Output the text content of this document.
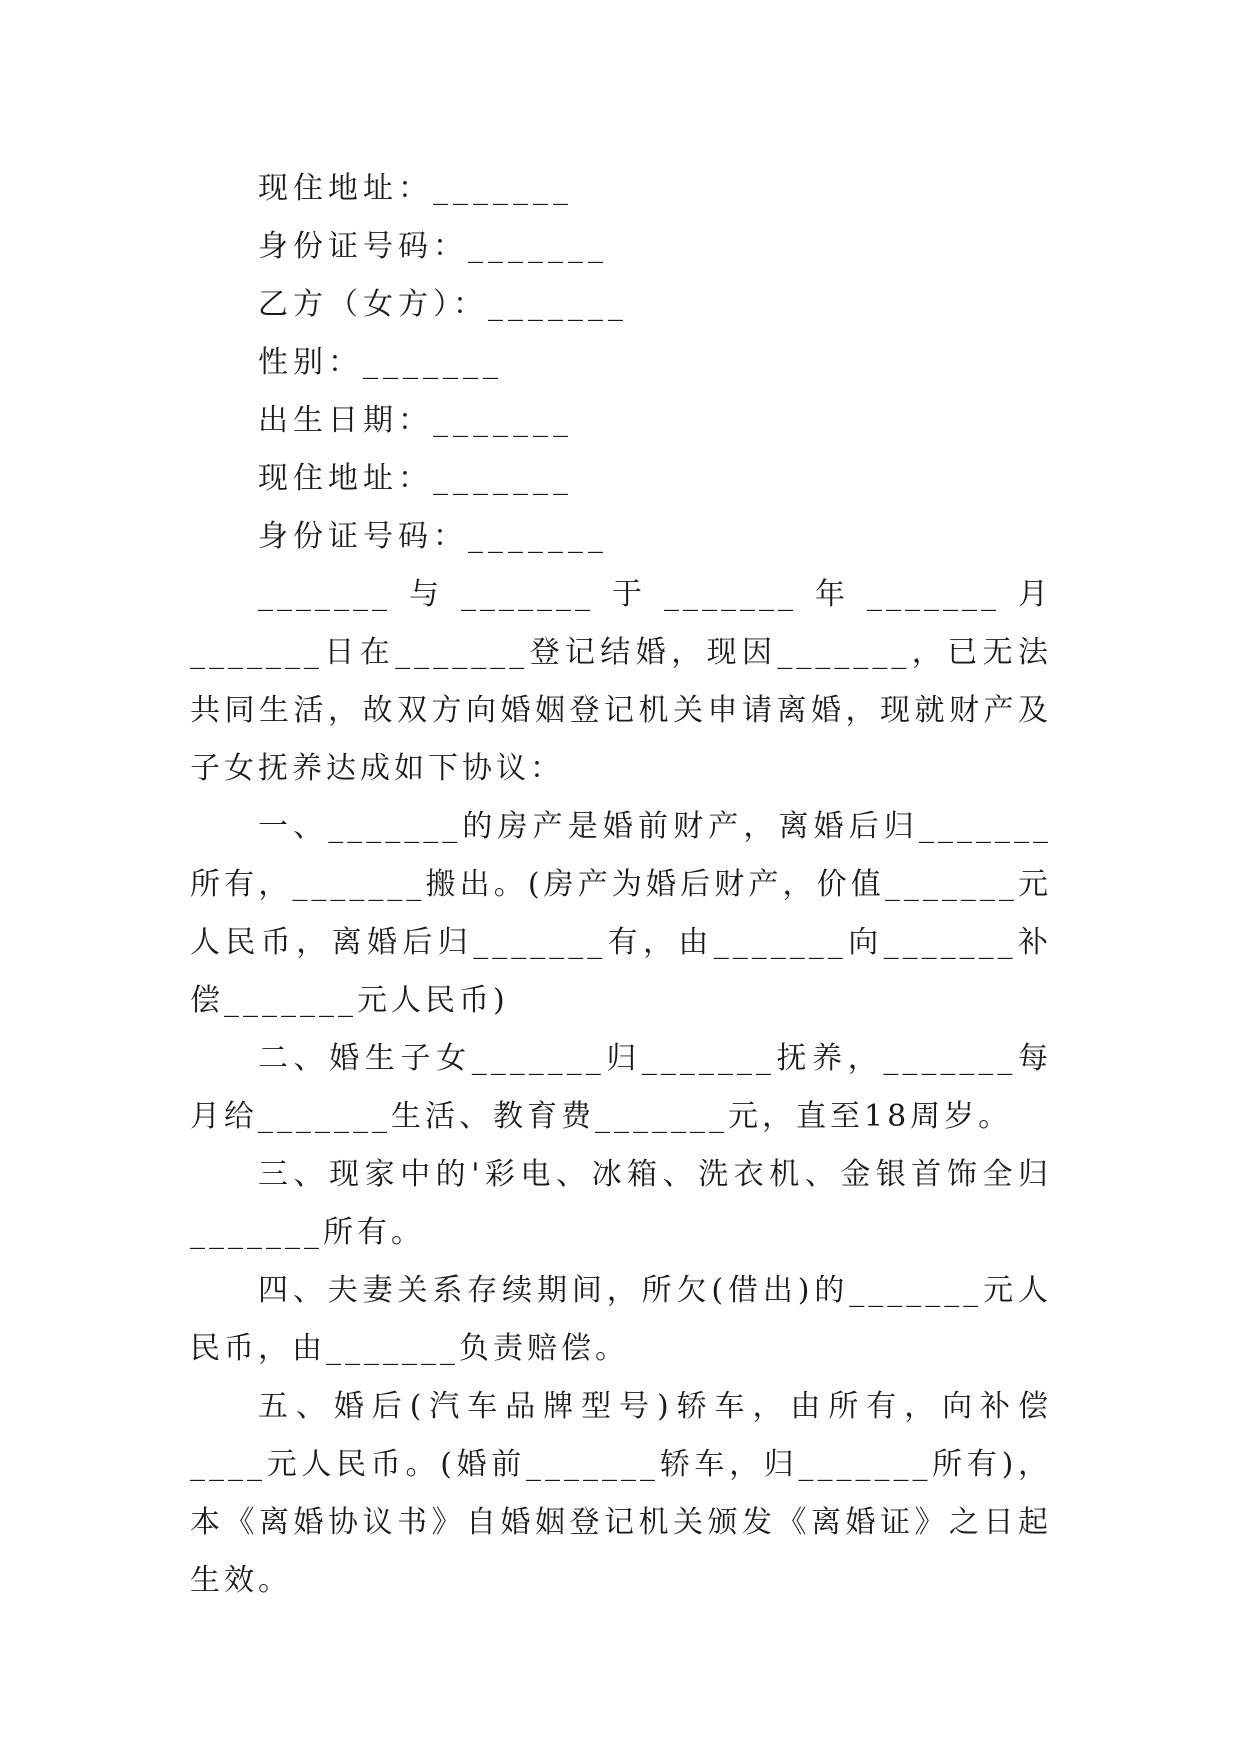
现住地址：_______
身份证号码：_______
乙方（女方）：_______
性别：_______
出生日期：_______
现住地址：_______
身份证号码：_______

_______与_______于_______年_______月_______日在_______登记结婚，现因_______，已无法共同生活，故双方向婚姻登记机关申请离婚，现就财产及子女抚养达成如下协议：

一、_______的房产是婚前财产，离婚后归_______所有，_______搬出。(房产为婚后财产，价值_______元人民币，离婚后归_______有，由_______向_______补偿_______元人民币)

二、婚生子女_______归_______抚养，_______每月给_______生活、教育费_______元，直至18周岁。

三、现家中的'彩电、冰箱、洗衣机、金银首饰全归_______所有。

四、夫妻关系存续期间，所欠(借出)的_______元人民币，由_______负责赔偿。

五、婚后(汽车品牌型号)轿车，由所有，向补偿 ____元人民币。(婚前_______轿车，归_______所有)，本《离婚协议书》自婚姻登记机关颁发《离婚证》之日起生效。
